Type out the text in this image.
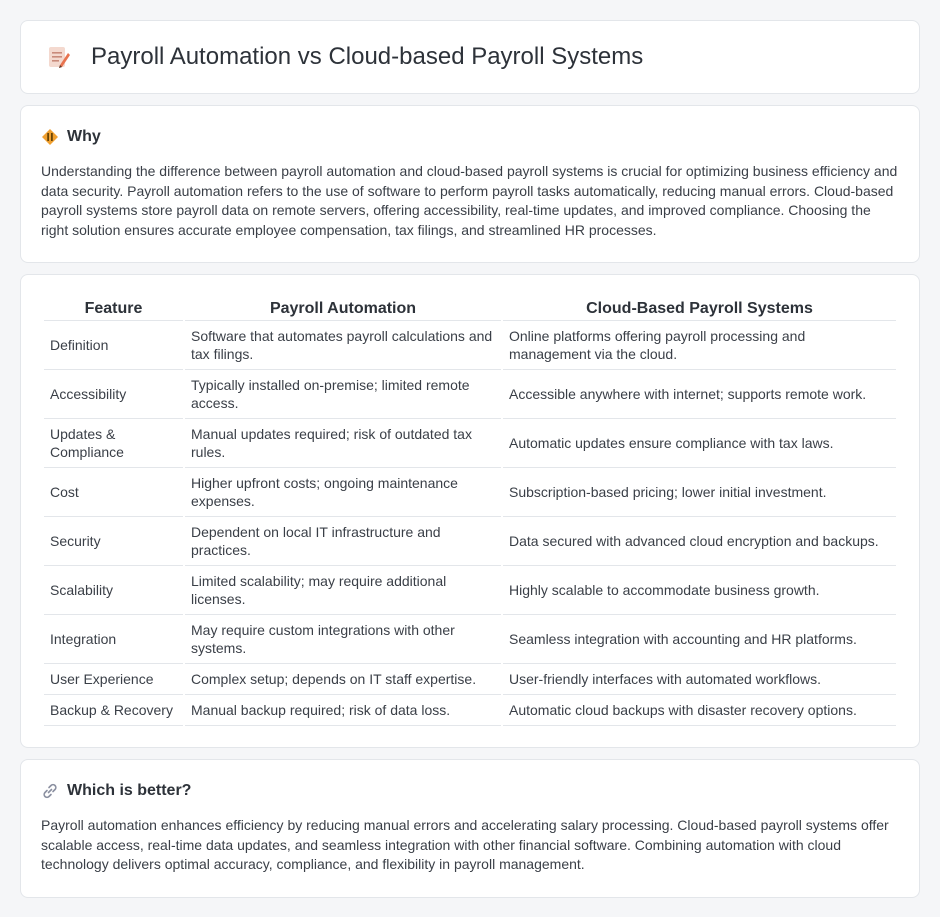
Payroll Automation vs Cloud-based Payroll Systems
Why

Understanding the difference between payroll automation and cloud-based payroll systems is crucial for optimizing business efficiency and data security. Payroll automation refers to the use of software to perform payroll tasks automatically, reducing manual errors. Cloud-based payroll systems store payroll data on remote servers, offering accessibility, real-time updates, and improved compliance. Choosing the right solution ensures accurate employee compensation, tax filings, and streamlined HR processes.

Feature	Payroll Automation	Cloud-Based Payroll Systems
Definition	Software that automates payroll calculations and tax filings.	Online platforms offering payroll processing and management via the cloud.
Accessibility	Typically installed on-premise; limited remote access.	Accessible anywhere with internet; supports remote work.
Updates & Compliance	Manual updates required; risk of outdated tax rules.	Automatic updates ensure compliance with tax laws.
Cost	Higher upfront costs; ongoing maintenance expenses.	Subscription-based pricing; lower initial investment.
Security	Dependent on local IT infrastructure and practices.	Data secured with advanced cloud encryption and backups.
Scalability	Limited scalability; may require additional licenses.	Highly scalable to accommodate business growth.
Integration	May require custom integrations with other systems.	Seamless integration with accounting and HR platforms.
User Experience	Complex setup; depends on IT staff expertise.	User-friendly interfaces with automated workflows.
Backup & Recovery	Manual backup required; risk of data loss.	Automatic cloud backups with disaster recovery options.
Which is better?

Payroll automation enhances efficiency by reducing manual errors and accelerating salary processing. Cloud-based payroll systems offer scalable access, real-time data updates, and seamless integration with other financial software. Combining automation with cloud technology delivers optimal accuracy, compliance, and flexibility in payroll management.
